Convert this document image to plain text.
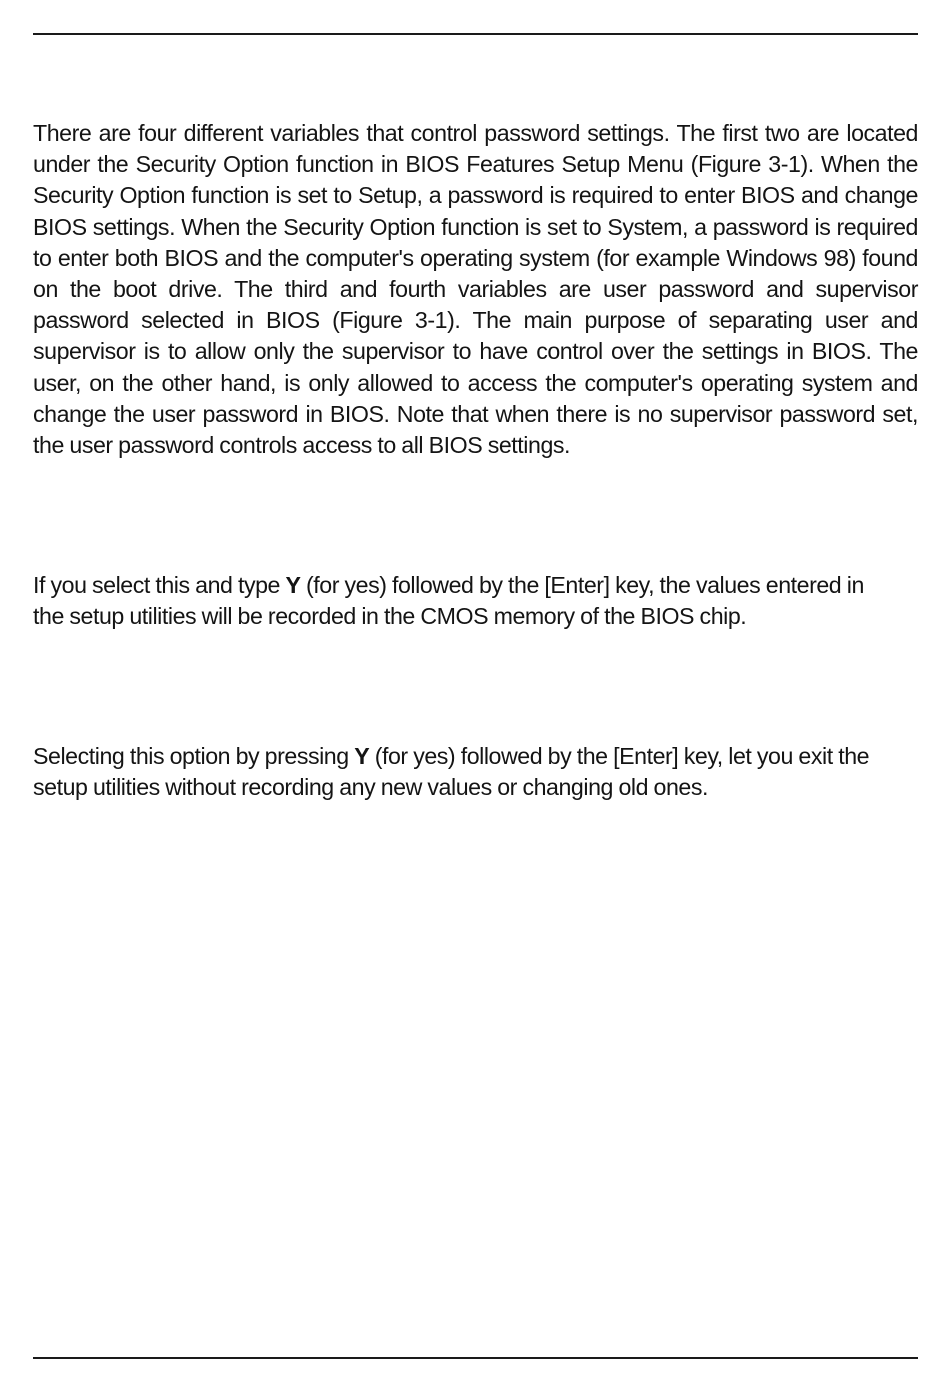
There are four different variables that control password settings. The first two are located under the Security Option function in BIOS Features Setup Menu (Figure 3-1). When the Security Option function is set to Setup, a password is required to enter BIOS and change BIOS settings. When the Security Option function is set to System, a password is required to enter both BIOS and the computer's operating system (for example Windows 98) found on the boot drive. The third and fourth variables are user password and supervisor password selected in BIOS (Figure 3-1). The main purpose of separating user and supervisor is to allow only the supervisor to have control over the settings in BIOS. The user, on the other hand, is only allowed to access the computer's operating system and change the user password in BIOS. Note that when there is no supervisor password set, the user password controls access to all BIOS settings.

If you select this and type Y (for yes) followed by the [Enter] key, the values entered in the setup utilities will be recorded in the CMOS memory of the BIOS chip.

Selecting this option by pressing Y (for yes) followed by the [Enter] key, let you exit the setup utilities without recording any new values or changing old ones.
